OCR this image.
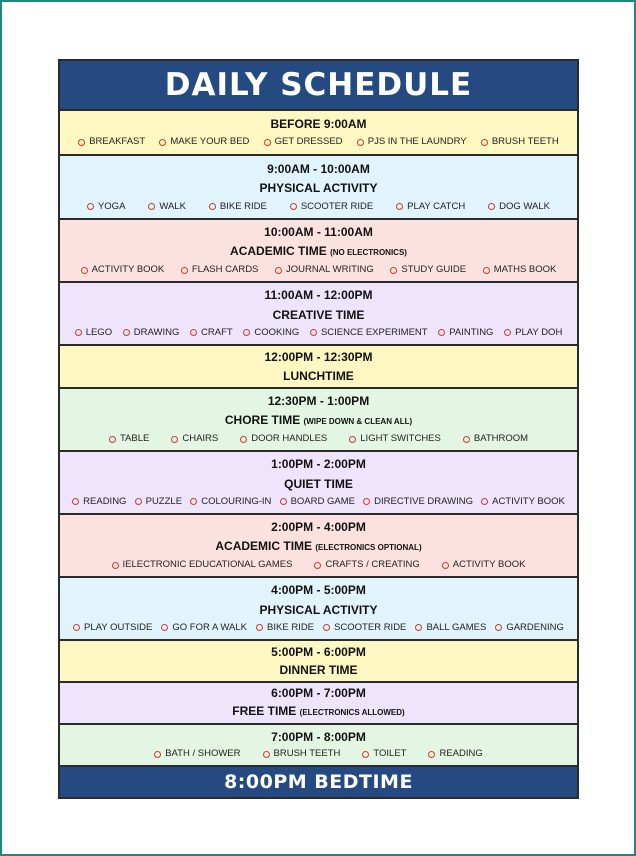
DAILY SCHEDULE
BEFORE 9:00AM
BREAKFAST	MAKE YOUR BED	GET DRESSED	PJS IN THE LAUNDRY	BRUSH TEETH
9:00AM - 10:00AM
PHYSICAL ACTIVITY
YOGA	WALK	BIKE RIDE	SCOOTER RIDE	PLAY CATCH	DOG WALK
10:00AM - 11:00AM
ACADEMIC TIME (NO ELECTRONICS)
ACTIVITY BOOK	FLASH CARDS	JOURNAL WRITING	STUDY GUIDE	MATHS BOOK
11:00AM - 12:00PM
CREATIVE TIME
LEGO DRAWING CRAFT COOKING SCIENCE EXPERIMENT PAINTING PLAY DOH
12:00PM - 12:30PM
LUNCHTIME
12:30PM - 1:00PM
CHORE TIME (WIPE DOWN & CLEAN ALL)
TABLE	CHAIRS	DOOR HANDLES	LIGHT SWITCHES	BATHROOM
1:00PM - 2:00PM
QUIET TIME
READING PUZZLE COLOURING-IN BOARD GAME DIRECTIVE DRAWING ACTIVITY BOOK
2:00PM - 4:00PM
ACADEMIC TIME (ELECTRONICS OPTIONAL)
IELECTRONIC EDUCATIONAL GAMES	CRAFTS / CREATING	ACTIVITY BOOK
4:00PM - 5:00PM
PHYSICAL ACTIVITY
PLAY OUTSIDE GO FOR A WALK BIKE RIDE SCOOTER RIDE BALL GAMES GARDENING
5:00PM - 6:00PM
DINNER TIME
6:00PM - 7:00PM
FREE TIME (ELECTRONICS ALLOWED)
7:00PM - 8:00PM
BATH / SHOWER	BRUSH TEETH	TOILET	READING
8:00PM BEDTIME
